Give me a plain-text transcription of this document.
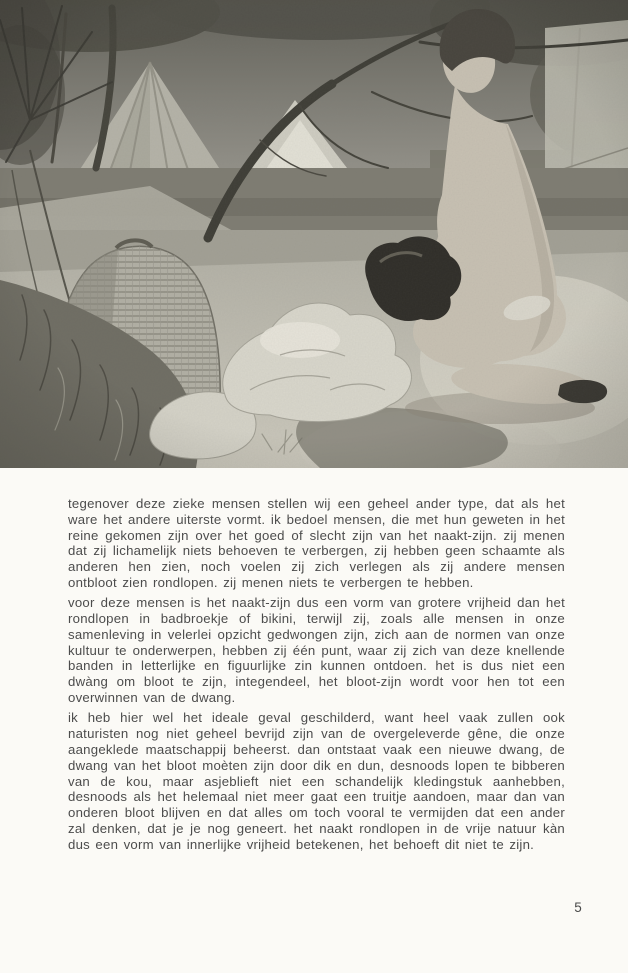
tegenover deze zieke mensen stellen wij een geheel ander type, dat als het ware het andere uiterste vormt. ik bedoel mensen, die met hun geweten in het reine gekomen zijn over het goed of slecht zijn van het naakt-zijn. zij menen dat zij lichamelijk niets behoeven te verbergen, zij hebben geen schaamte als anderen hen zien, noch voelen zij zich verlegen als zij andere mensen ontbloot zien rondlopen. zij menen niets te verbergen te hebben.

voor deze mensen is het naakt-zijn dus een vorm van grotere vrijheid dan het rondlopen in badbroekje of bikini, terwijl zij, zoals alle mensen in onze samenleving in velerlei opzicht gedwongen zijn, zich aan de normen van onze kultuur te onderwerpen, hebben zij één punt, waar zij zich van deze knellende banden in letterlijke en figuurlijke zin kunnen ontdoen. het is dus niet een dwàng om bloot te zijn, integendeel, het bloot-zijn wordt voor hen tot een overwinnen van de dwang.

ik heb hier wel het ideale geval geschilderd, want heel vaak zullen ook naturisten nog niet geheel bevrijd zijn van de overgeleverde gêne, die onze aangeklede maatschappij beheerst. dan ontstaat vaak een nieuwe dwang, de dwang van het bloot moèten zijn door dik en dun, desnoods lopen te bibberen van de kou, maar asjeblieft niet een schandelijk kledingstuk aanhebben, desnoods als het helemaal niet meer gaat een truitje aandoen, maar dan van onderen bloot blijven en dat alles om toch vooral te vermijden dat een ander zal denken, dat je je nog geneert. het naakt rondlopen in de vrije natuur kàn dus een vorm van innerlijke vrijheid betekenen, het behoeft dit niet te zijn.

5
